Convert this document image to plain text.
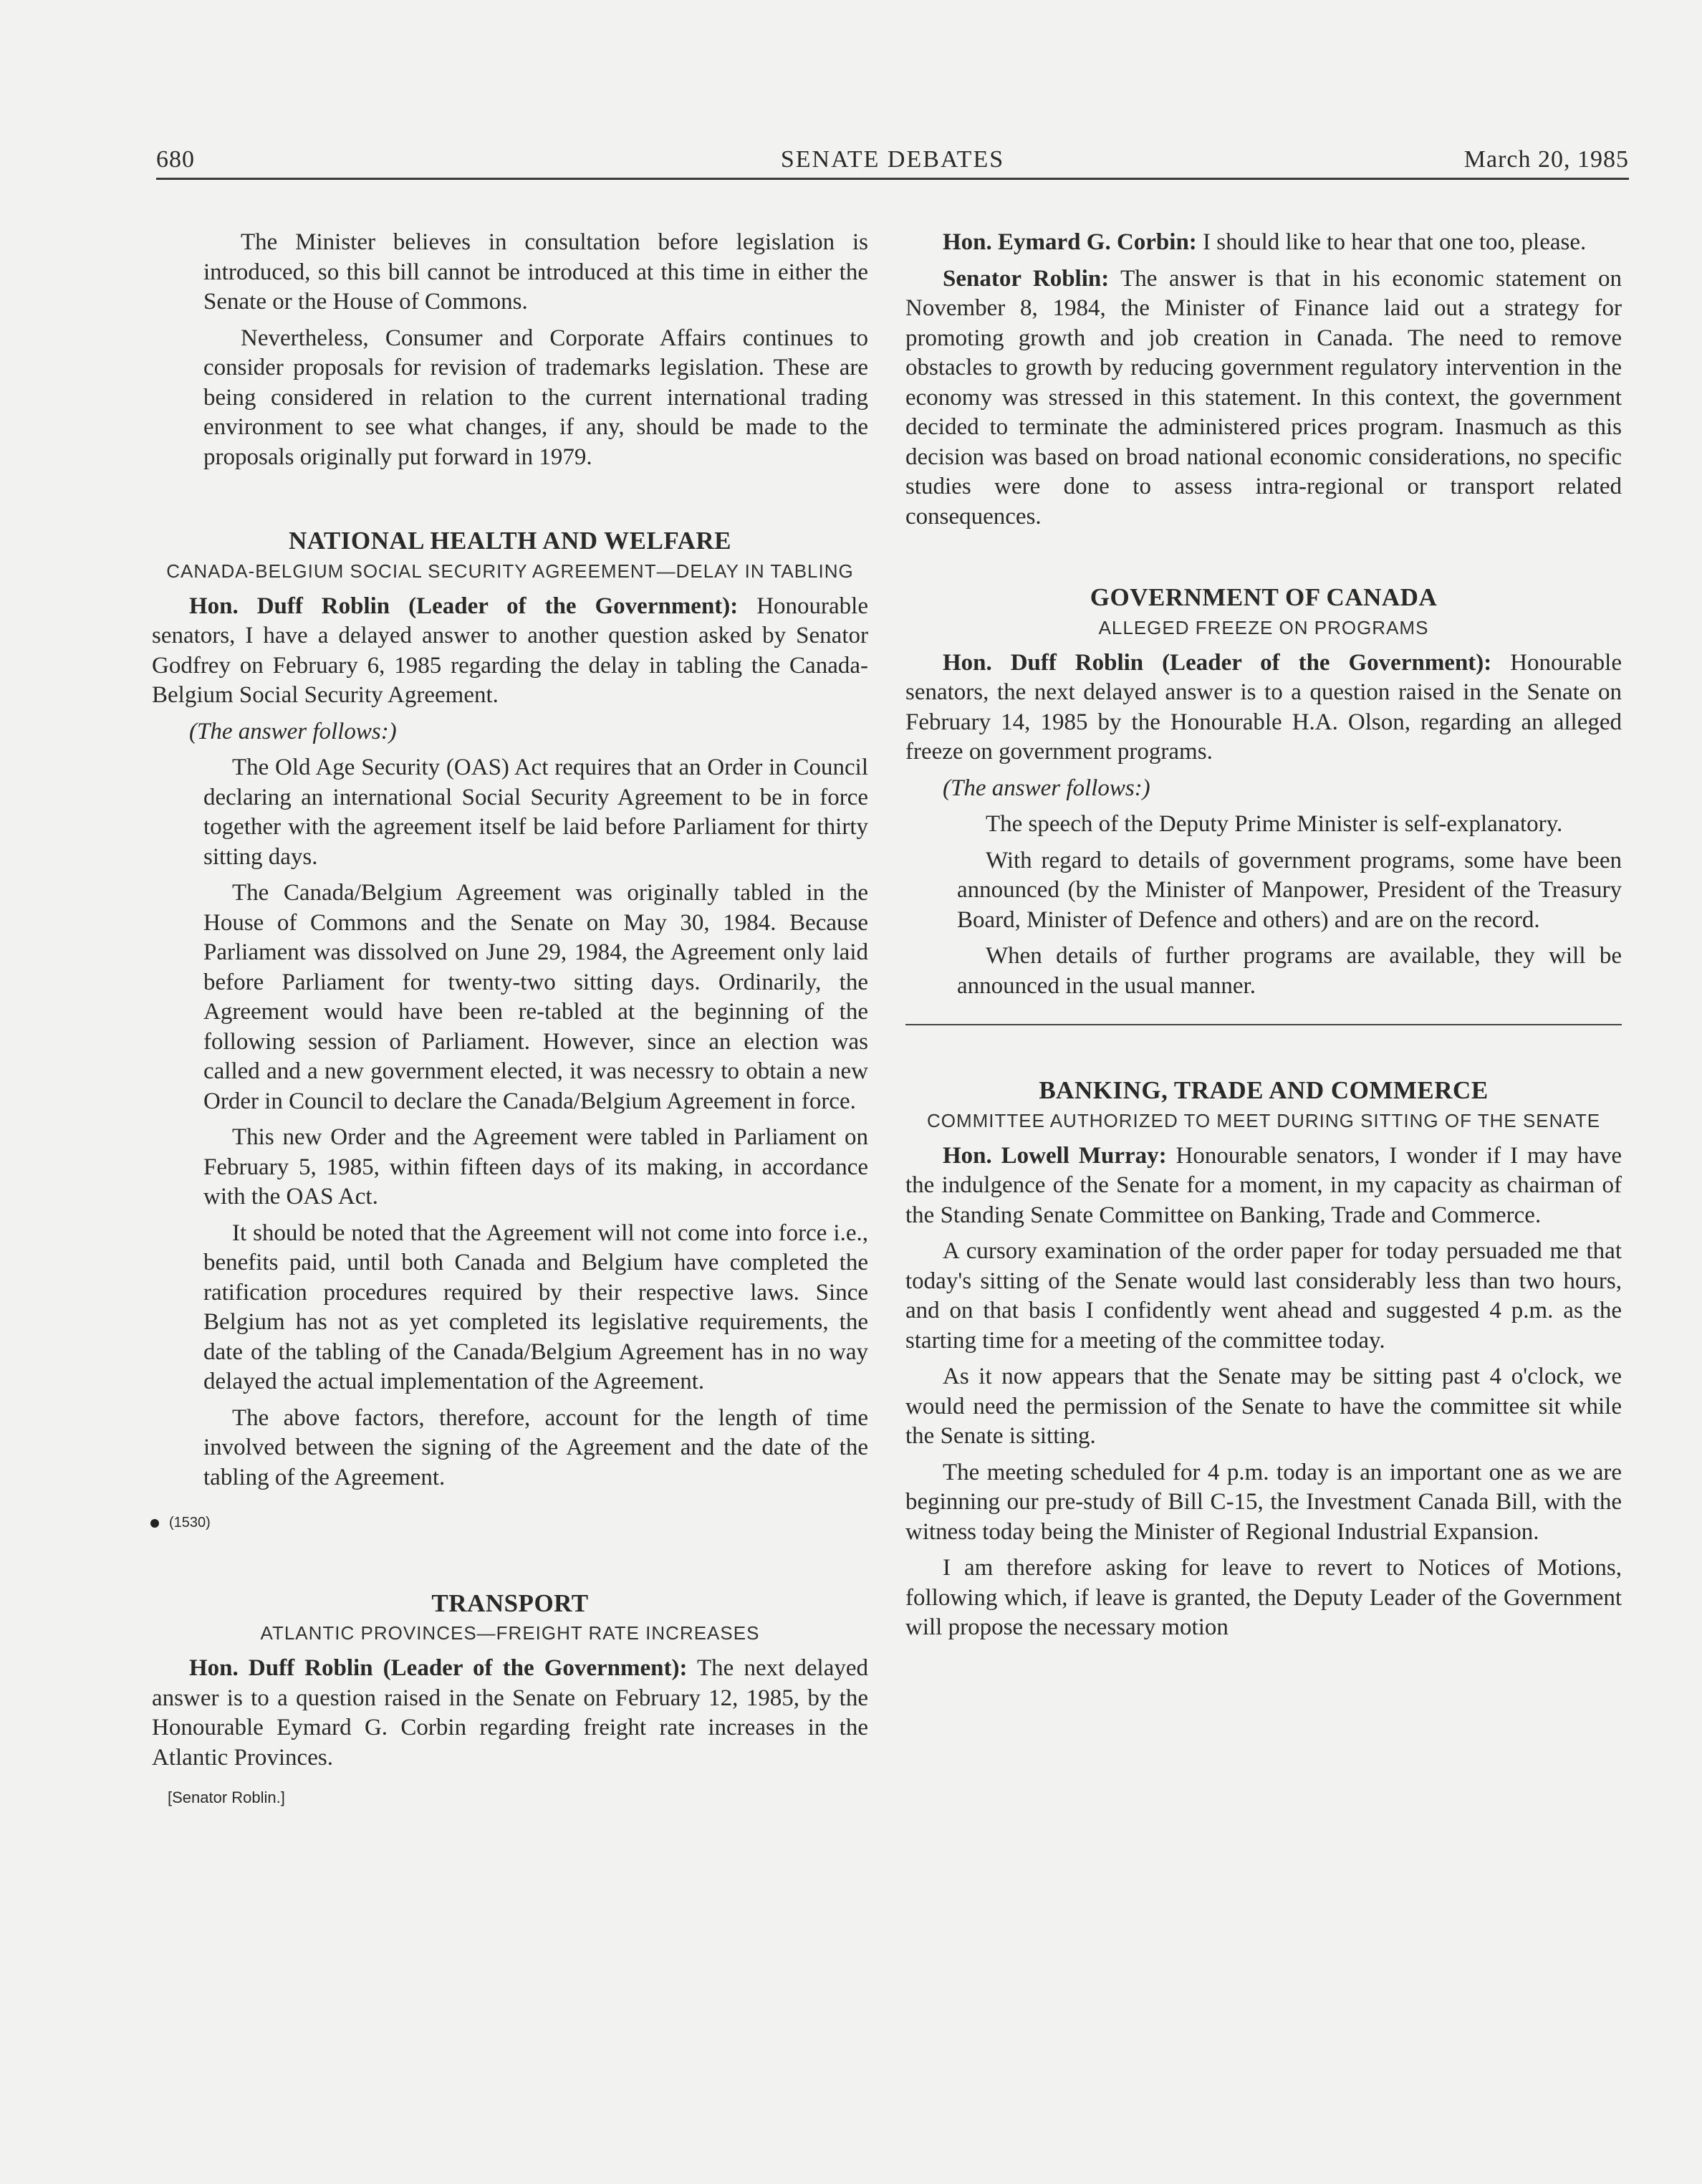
680	SENATE DEBATES	March 20, 1985

The Minister believes in consultation before legislation is introduced, so this bill cannot be introduced at this time in either the Senate or the House of Commons.

Nevertheless, Consumer and Corporate Affairs continues to consider proposals for revision of trademarks legislation. These are being considered in relation to the current international trading environment to see what changes, if any, should be made to the proposals originally put forward in 1979.

NATIONAL HEALTH AND WELFARE
CANADA-BELGIUM SOCIAL SECURITY AGREEMENT—DELAY IN TABLING

Hon. Duff Roblin (Leader of the Government): Honourable senators, I have a delayed answer to another question asked by Senator Godfrey on February 6, 1985 regarding the delay in tabling the Canada-Belgium Social Security Agreement.

(The answer follows:)

The Old Age Security (OAS) Act requires that an Order in Council declaring an international Social Security Agreement to be in force together with the agreement itself be laid before Parliament for thirty sitting days.

The Canada/Belgium Agreement was originally tabled in the House of Commons and the Senate on May 30, 1984. Because Parliament was dissolved on June 29, 1984, the Agreement only laid before Parliament for twenty-two sitting days. Ordinarily, the Agreement would have been re-tabled at the beginning of the following session of Parliament. However, since an election was called and a new government elected, it was necessry to obtain a new Order in Council to declare the Canada/Belgium Agreement in force.

This new Order and the Agreement were tabled in Parliament on February 5, 1985, within fifteen days of its making, in accordance with the OAS Act.

It should be noted that the Agreement will not come into force i.e., benefits paid, until both Canada and Belgium have completed the ratification procedures required by their respective laws. Since Belgium has not as yet completed its legislative requirements, the date of the tabling of the Canada/Belgium Agreement has in no way delayed the actual implementation of the Agreement.

The above factors, therefore, account for the length of time involved between the signing of the Agreement and the date of the tabling of the Agreement.

(1530)
TRANSPORT
ATLANTIC PROVINCES—FREIGHT RATE INCREASES

Hon. Duff Roblin (Leader of the Government): The next delayed answer is to a question raised in the Senate on February 12, 1985, by the Honourable Eymard G. Corbin regarding freight rate increases in the Atlantic Provinces.

[Senator Roblin.]

Hon. Eymard G. Corbin: I should like to hear that one too, please.

Senator Roblin: The answer is that in his economic statement on November 8, 1984, the Minister of Finance laid out a strategy for promoting growth and job creation in Canada. The need to remove obstacles to growth by reducing government regulatory intervention in the economy was stressed in this statement. In this context, the government decided to terminate the administered prices program. Inasmuch as this decision was based on broad national economic considerations, no specific studies were done to assess intra-regional or transport related consequences.

GOVERNMENT OF CANADA
ALLEGED FREEZE ON PROGRAMS

Hon. Duff Roblin (Leader of the Government): Honourable senators, the next delayed answer is to a question raised in the Senate on February 14, 1985 by the Honourable H.A. Olson, regarding an alleged freeze on government programs.

(The answer follows:)

The speech of the Deputy Prime Minister is self-explanatory.

With regard to details of government programs, some have been announced (by the Minister of Manpower, President of the Treasury Board, Minister of Defence and others) and are on the record.

When details of further programs are available, they will be announced in the usual manner.

BANKING, TRADE AND COMMERCE
COMMITTEE AUTHORIZED TO MEET DURING SITTING OF THE SENATE

Hon. Lowell Murray: Honourable senators, I wonder if I may have the indulgence of the Senate for a moment, in my capacity as chairman of the Standing Senate Committee on Banking, Trade and Commerce.

A cursory examination of the order paper for today persuaded me that today's sitting of the Senate would last considerably less than two hours, and on that basis I confidently went ahead and suggested 4 p.m. as the starting time for a meeting of the committee today.

As it now appears that the Senate may be sitting past 4 o'clock, we would need the permission of the Senate to have the committee sit while the Senate is sitting.

The meeting scheduled for 4 p.m. today is an important one as we are beginning our pre-study of Bill C-15, the Investment Canada Bill, with the witness today being the Minister of Regional Industrial Expansion.

I am therefore asking for leave to revert to Notices of Motions, following which, if leave is granted, the Deputy Leader of the Government will propose the necessary motion
